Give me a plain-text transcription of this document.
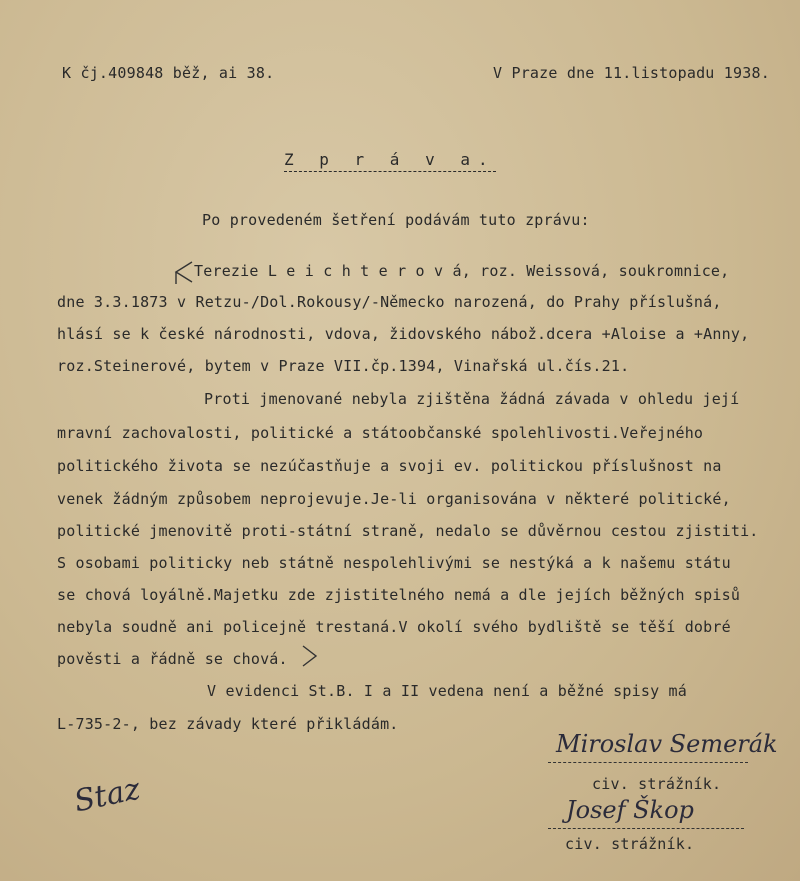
K čj.409848 běž, ai 38.	V Praze dne 11.listopadu 1938.
Z p r á v a.
Po provedeném šetření podávám tuto zprávu:
Terezie L e i c h t e r o v á, roz. Weissová, soukromnice,
dne 3.3.1873 v Retzu-/Dol.Rokousy/-Německo narozená, do Prahy příslušná,
hlásí se k české národnosti, vdova, židovského nábož.dcera +Aloise a +Anny,
roz.Steinerové, bytem v Praze VII.čp.1394, Vinařská ul.čís.21.
Proti jmenované nebyla zjištěna žádná závada v ohledu její
mravní zachovalosti, politické a státoobčanské spolehlivosti.Veřejného
politického života se nezúčastňuje a svoji ev. politickou příslušnost na
venek žádným způsobem neprojevuje.Je-li organisována v některé politické,
politické jmenovitě proti-státní straně, nedalo se důvěrnou cestou zjistiti.
S osobami politicky neb státně nespolehlivými se nestýká a k našemu státu
se chová loyálně.Majetku zde zjistitelného nemá a dle jejích běžných spisů
nebyla soudně ani policejně trestaná.V okolí svého bydliště se těší dobré
pověsti a řádně se chová.
V evidenci St.B. I a II vedena není a běžné spisy má
L-735-2-, bez závady které přikládám.
Miroslav Semerák
civ. strážník.
Josef Škop
civ. strážník.
Staz
